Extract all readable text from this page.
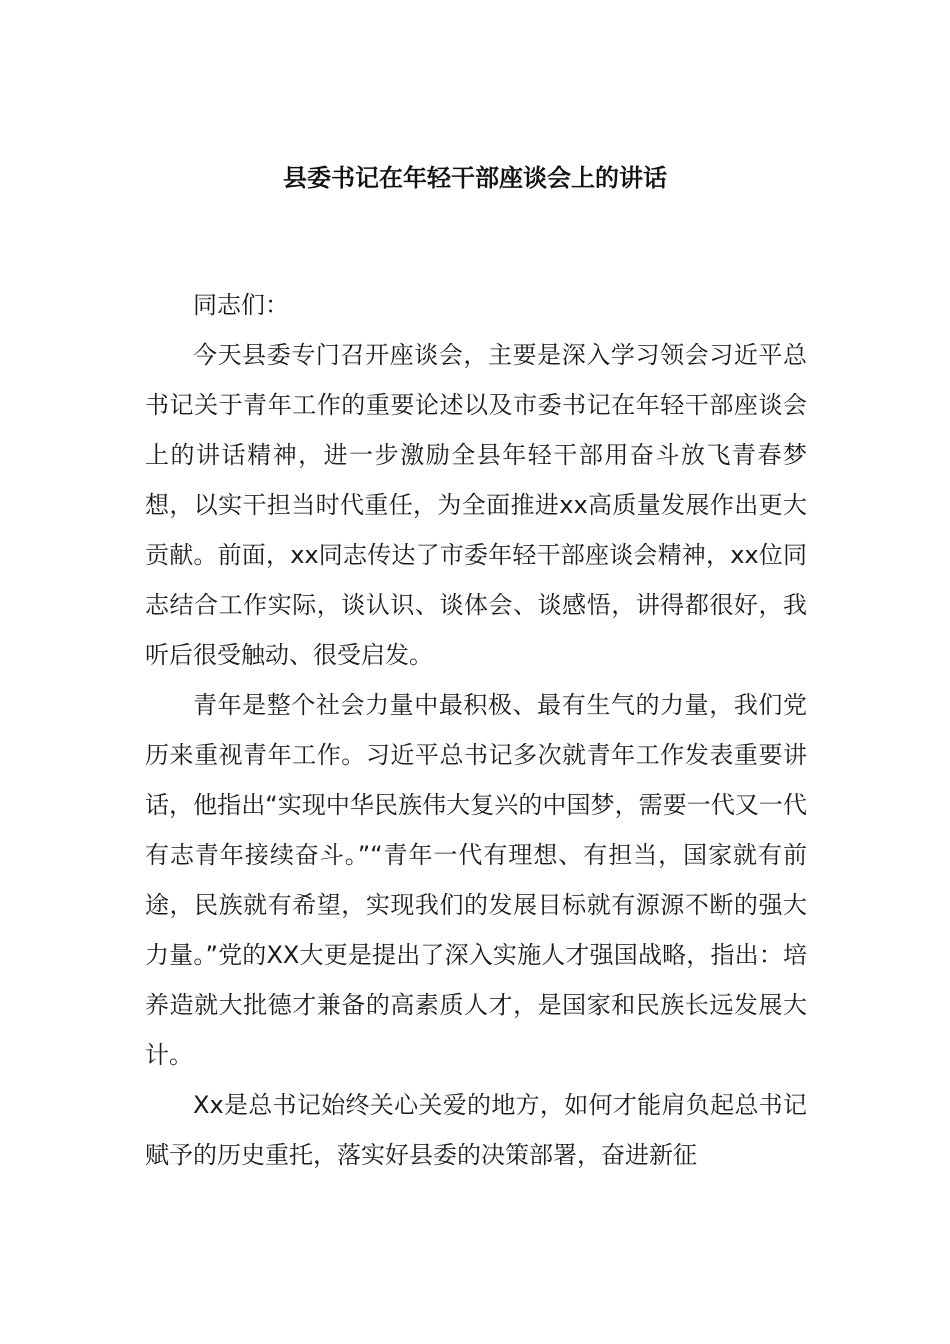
县委书记在年轻干部座谈会上的讲话

同志们：

今天县委专门召开座谈会，主要是深入学习领会习近平总书记关于青年工作的重要论述以及市委书记在年轻干部座谈会上的讲话精神，进一步激励全县年轻干部用奋斗放飞青春梦想，以实干担当时代重任，为全面推进xx高质量发展作出更大贡献。前面，xx同志传达了市委年轻干部座谈会精神，xx位同志结合工作实际，谈认识、谈体会、谈感悟，讲得都很好，我听后很受触动、很受启发。

青年是整个社会力量中最积极、最有生气的力量，我们党历来重视青年工作。习近平总书记多次就青年工作发表重要讲话，他指出“实现中华民族伟大复兴的中国梦，需要一代又一代有志青年接续奋斗。”“青年一代有理想、有担当，国家就有前途，民族就有希望，实现我们的发展目标就有源源不断的强大力量。”党的XX大更是提出了深入实施人才强国战略，指出：培养造就大批德才兼备的高素质人才，是国家和民族长远发展大计。

Xx是总书记始终关心关爱的地方，如何才能肩负起总书记赋予的历史重托，落实好县委的决策部署，奋进新征
